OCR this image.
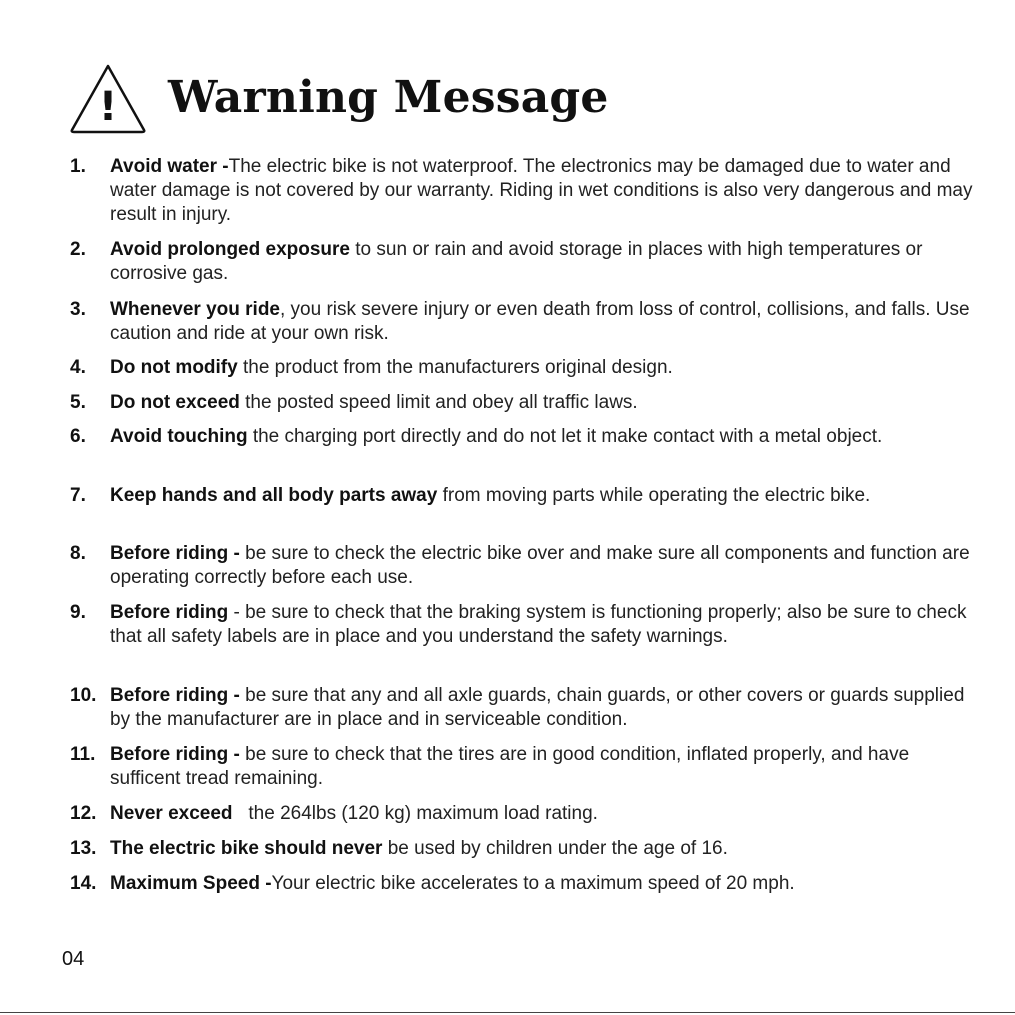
! Warning Message
1.	Avoid water -The electric bike is not waterproof. The electronics may be damaged due to water and water damage is not covered by our warranty. Riding in wet conditions is also very dangerous and may result in injury.
2.	Avoid prolonged exposure to sun or rain and avoid storage in places with high temperatures or corrosive gas.
3.	Whenever you ride, you risk severe injury or even death from loss of control, collisions, and falls. Use caution and ride at your own risk.
4.	Do not modify the product from the manufacturers original design.
5.	Do not exceed the posted speed limit and obey all traffic laws.
6.	Avoid touching the charging port directly and do not let it make contact with a metal object.
7.	Keep hands and all body parts away from moving parts while operating the electric bike.
8.	Before riding - be sure to check the electric bike over and make sure all components and function are operating correctly before each use.
9.	Before riding - be sure to check that the braking system is functioning properly; also be sure to check that all safety labels are in place and you understand the safety warnings.
10. Before riding - be sure that any and all axle guards, chain guards, or other covers or guards supplied by the manufacturer are in place and in serviceable condition.
11. Before riding - be sure to check that the tires are in good condition, inflated properly, and have sufficent tread remaining.
12. Never exceed   the 264lbs (120 kg) maximum load rating.
13. The electric bike should never be used by children under the age of 16.
14. Maximum Speed -Your electric bike accelerates to a maximum speed of 20 mph.
04
